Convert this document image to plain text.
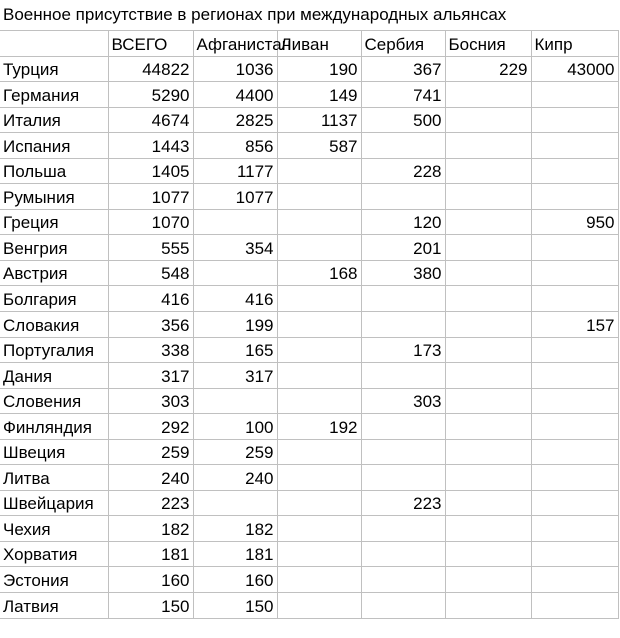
Военное присутствие в регионах при международных альянсах
	ВСЕГО	Афганистан	Ливан	Сербия	Босния	Кипр
Турция	44822	1036	190	367	229	43000
Германия	5290	4400	149	741		
Италия	4674	2825	1137	500		
Испания	1443	856	587			
Польша	1405	1177		228		
Румыния	1077	1077				
Греция	1070			120		950
Венгрия	555	354		201		
Австрия	548		168	380		
Болгария	416	416				
Словакия	356	199				157
Португалия	338	165		173		
Дания	317	317				
Словения	303			303		
Финляндия	292	100	192			
Швеция	259	259				
Литва	240	240				
Швейцария	223			223		
Чехия	182	182				
Хорватия	181	181				
Эстония	160	160				
Латвия	150	150				
